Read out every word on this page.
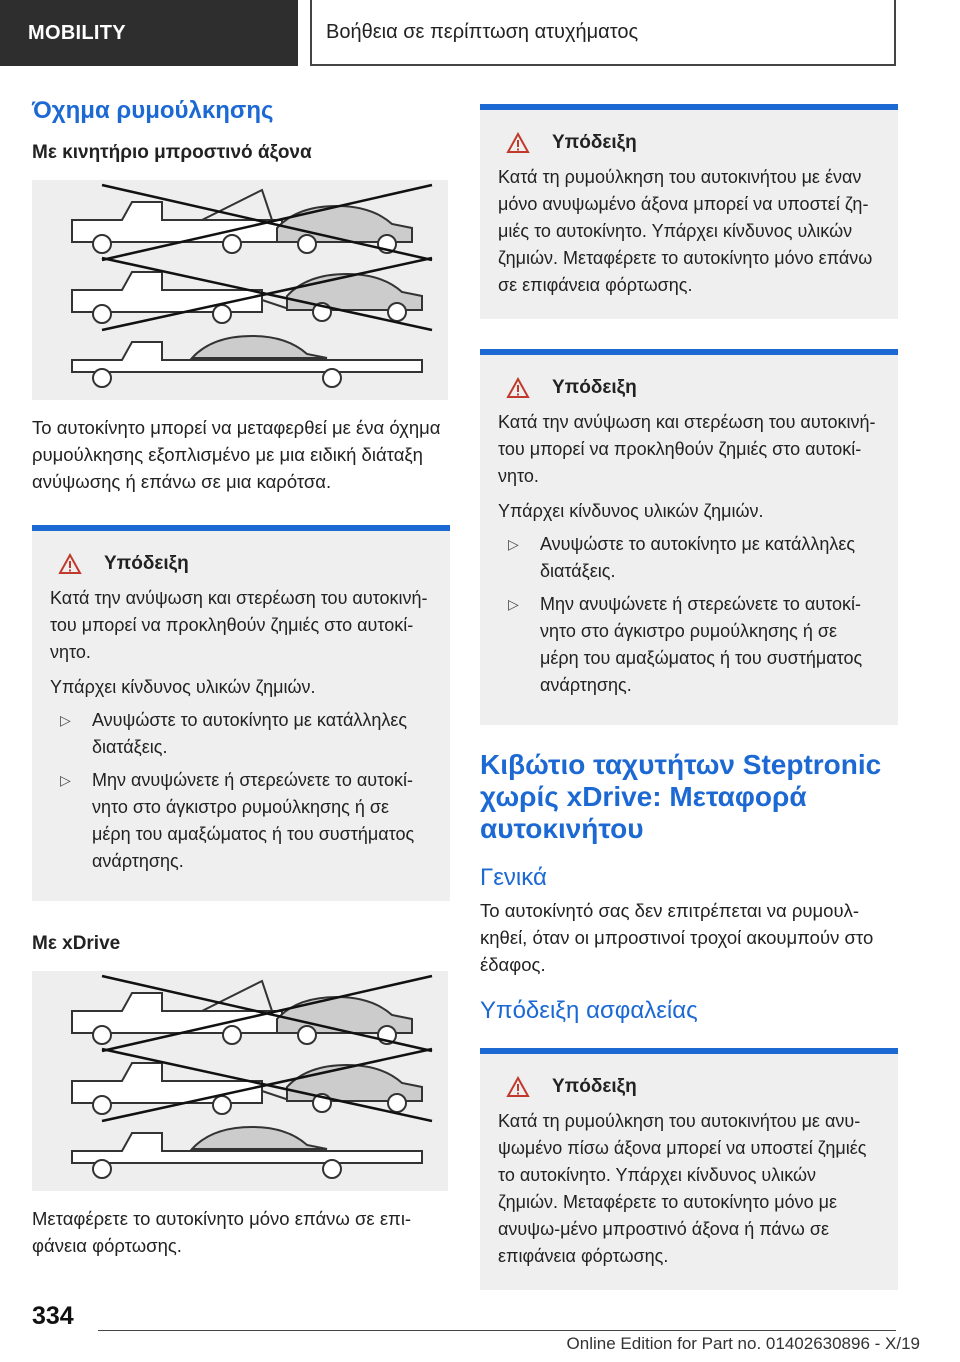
MOBILITY	Βοήθεια σε περίπτωση ατυχήματος
Όχημα ρυμούλκησης
Με κινητήριο μπροστινό άξονα

Το αυτοκίνητο μπορεί να μεταφερθεί με ένα όχημα ρυμούλκησης εξοπλισμένο με μια ειδική διάταξη ανύψωσης ή επάνω σε μια καρότσα.

Υπόδειξη

Κατά την ανύψωση και στερέωση του αυτοκινή‐του μπορεί να προκληθούν ζημιές στο αυτοκί‐νητο.

Υπάρχει κίνδυνος υλικών ζημιών.

▷ Ανυψώστε το αυτοκίνητο με κατάλληλες διατάξεις.
▷ Μην ανυψώνετε ή στερεώνετε το αυτοκί‐νητο στο άγκιστρο ρυμούλκησης ή σε μέρη του αμαξώματος ή του συστήματος ανάρτησης.
Με xDrive

Μεταφέρετε το αυτοκίνητο μόνο επάνω σε επι‐φάνεια φόρτωσης.

Υπόδειξη

Κατά τη ρυμούλκηση του αυτοκινήτου με έναν μόνο ανυψωμένο άξονα μπορεί να υποστεί ζη‐μιές το αυτοκίνητο. Υπάρχει κίνδυνος υλικών ζημιών. Μεταφέρετε το αυτοκίνητο μόνο επάνω σε επιφάνεια φόρτωσης.

Υπόδειξη

Κατά την ανύψωση και στερέωση του αυτοκινή‐του μπορεί να προκληθούν ζημιές στο αυτοκί‐νητο.

Υπάρχει κίνδυνος υλικών ζημιών.

▷ Ανυψώστε το αυτοκίνητο με κατάλληλες διατάξεις.
▷ Μην ανυψώνετε ή στερεώνετε το αυτοκί‐νητο στο άγκιστρο ρυμούλκησης ή σε μέρη του αμαξώματος ή του συστήματος ανάρτησης.
Κιβώτιο ταχυτήτων Steptronic χωρίς xDrive: Μεταφορά αυτοκινήτου
Γενικά

Το αυτοκίνητό σας δεν επιτρέπεται να ρυμουλ‐κηθεί, όταν οι μπροστινοί τροχοί ακουμπούν στο έδαφος.

Υπόδειξη ασφαλείας
Υπόδειξη

Κατά τη ρυμούλκηση του αυτοκινήτου με ανυ‐ψωμένο πίσω άξονα μπορεί να υποστεί ζημιές το αυτοκίνητο. Υπάρχει κίνδυνος υλικών ζημιών. Μεταφέρετε το αυτοκίνητο μόνο με ανυψω‐μένο μπροστινό άξονα ή πάνω σε επιφάνεια φόρτωσης.

334
Online Edition for Part no. 01402630896 - X/19
